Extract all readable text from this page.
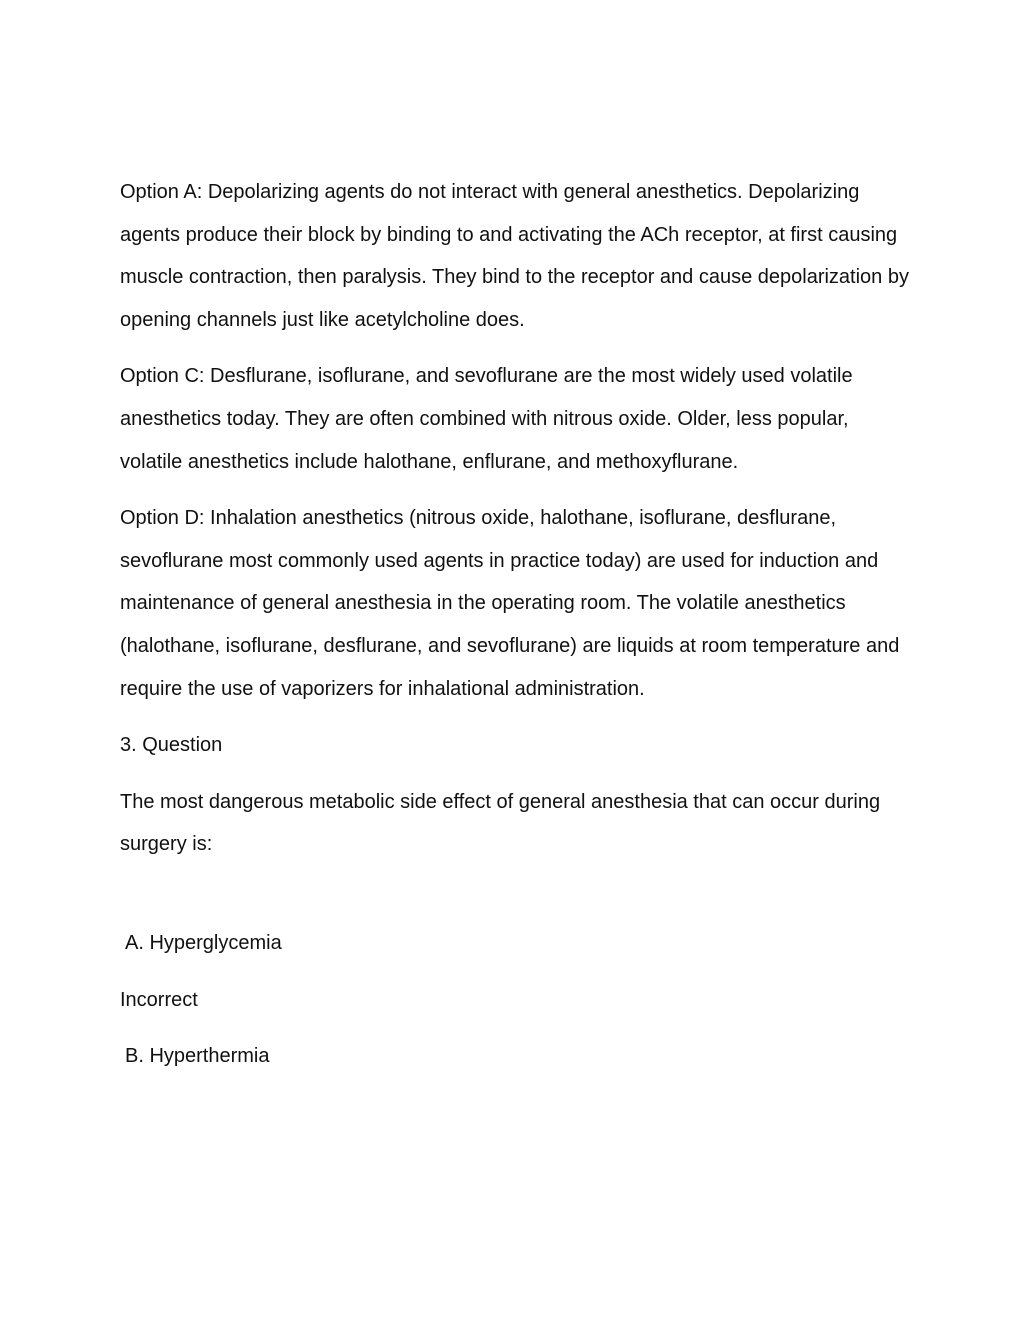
Option A: Depolarizing agents do not interact with general anesthetics. Depolarizing agents produce their block by binding to and activating the ACh receptor, at first causing muscle contraction, then paralysis. They bind to the receptor and cause depolarization by opening channels just like acetylcholine does.

Option C: Desflurane, isoflurane, and sevoflurane are the most widely used volatile anesthetics today. They are often combined with nitrous oxide. Older, less popular, volatile anesthetics include halothane, enflurane, and methoxyflurane.

Option D: Inhalation anesthetics (nitrous oxide, halothane, isoflurane, desflurane, sevoflurane most commonly used agents in practice today) are used for induction and maintenance of general anesthesia in the operating room. The volatile anesthetics (halothane, isoflurane, desflurane, and sevoflurane) are liquids at room temperature and require the use of vaporizers for inhalational administration.

3. Question

The most dangerous metabolic side effect of general anesthesia that can occur during surgery is:

A. Hyperglycemia

Incorrect

B. Hyperthermia
